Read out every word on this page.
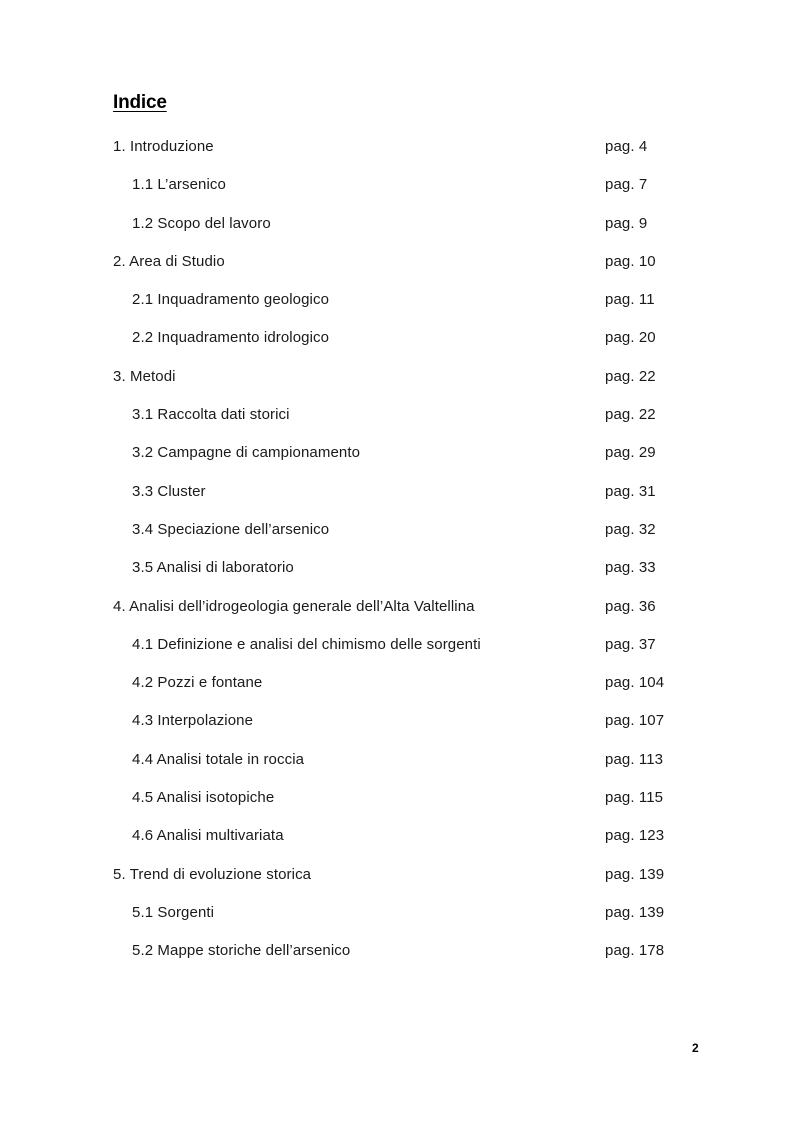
Indice
1. Introduzione	pag. 4
1.1 L’arsenico	pag. 7
1.2 Scopo del lavoro	pag. 9
2. Area di Studio	pag. 10
2.1 Inquadramento geologico	pag. 11
2.2 Inquadramento idrologico	pag. 20
3. Metodi	pag. 22
3.1 Raccolta dati storici	pag. 22
3.2 Campagne di campionamento	pag. 29
3.3 Cluster	pag. 31
3.4 Speciazione dell’arsenico	pag. 32
3.5 Analisi di laboratorio	pag. 33
4. Analisi dell’idrogeologia generale dell’Alta Valtellina	pag. 36
4.1 Definizione e analisi del chimismo delle sorgenti	pag. 37
4.2 Pozzi e fontane	pag. 104
4.3 Interpolazione	pag. 107
4.4 Analisi totale in roccia	pag. 113
4.5 Analisi isotopiche	pag. 115
4.6 Analisi multivariata	pag. 123
5. Trend di evoluzione storica	pag. 139
5.1 Sorgenti	pag. 139
5.2 Mappe storiche dell’arsenico	pag. 178
2
